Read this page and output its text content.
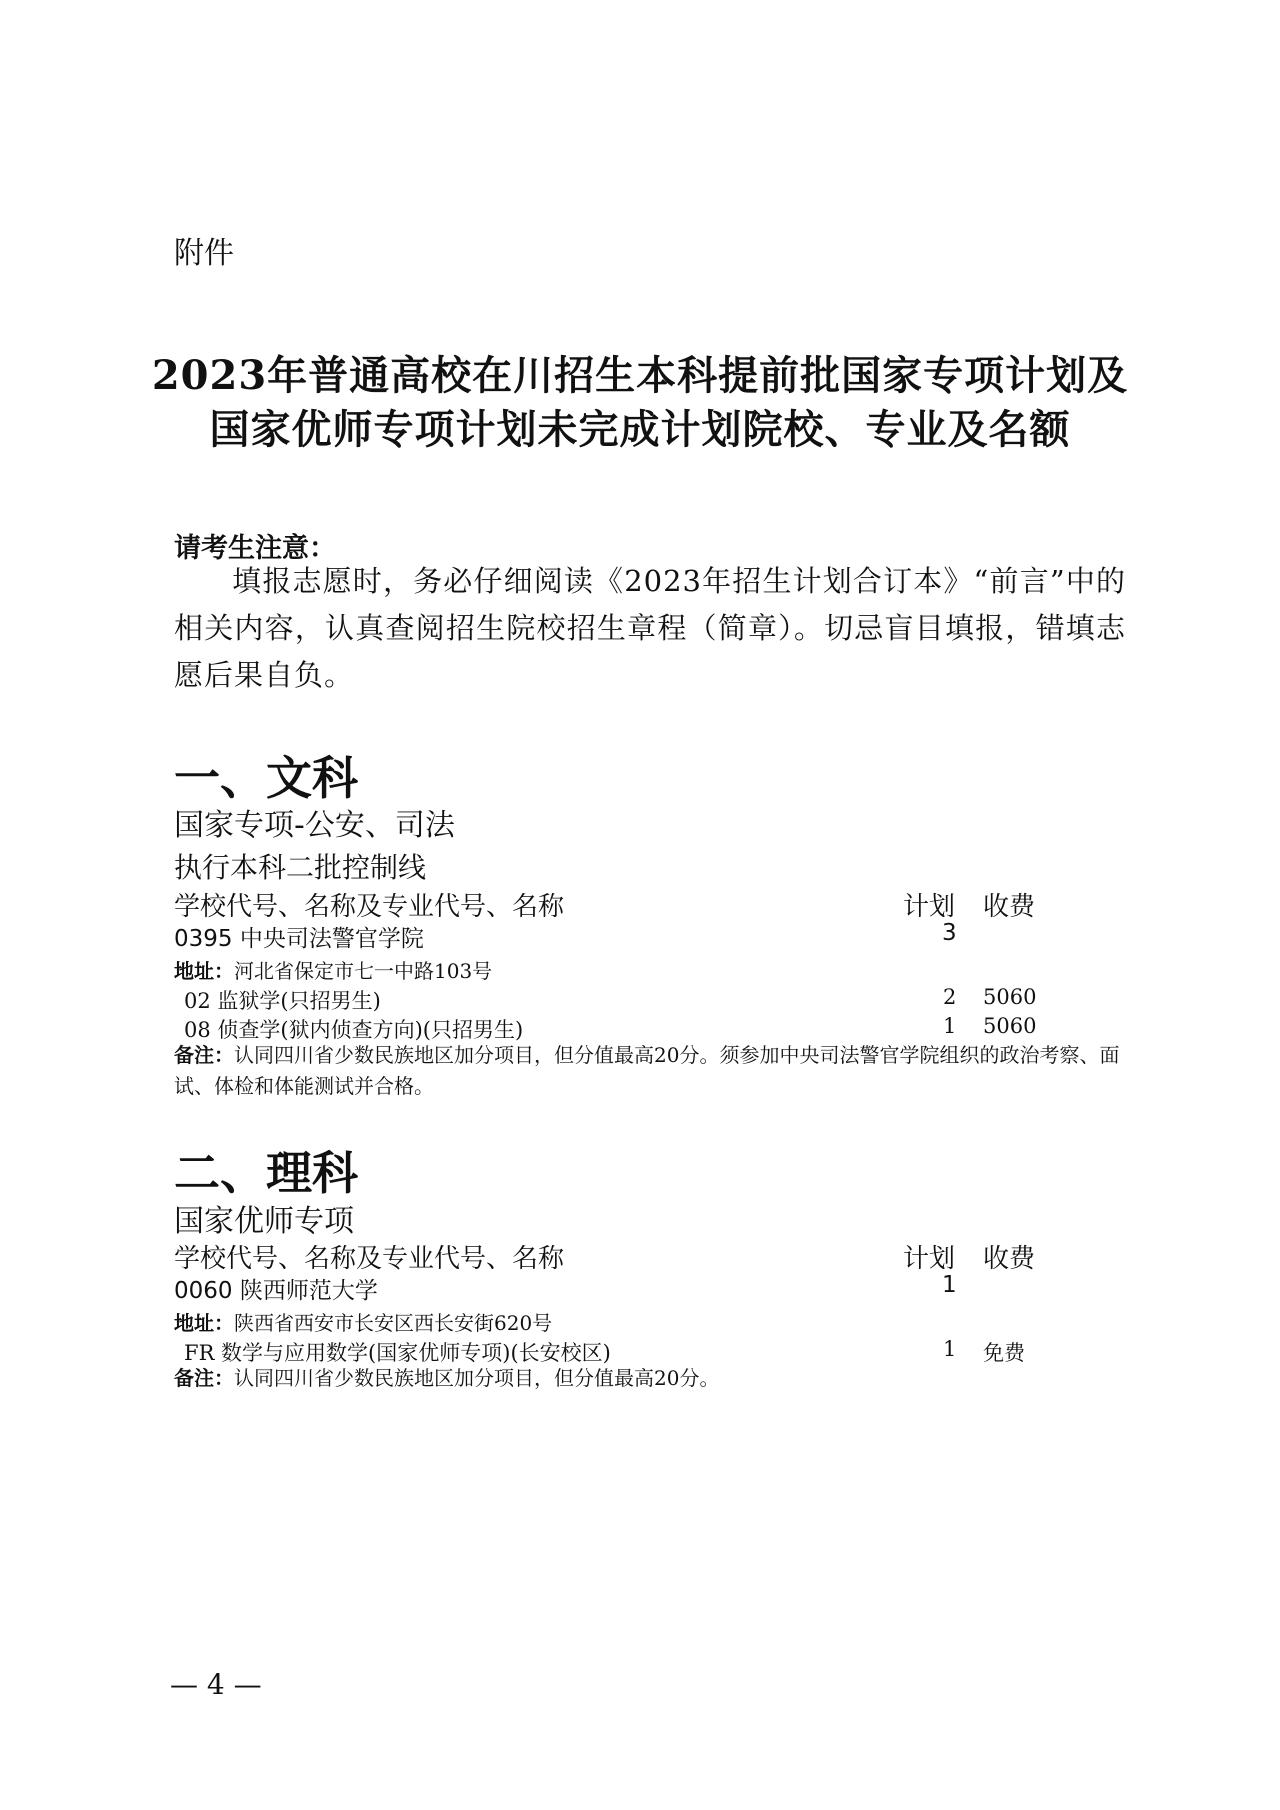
附件
2023年普通高校在川招生本科提前批国家专项计划及
国家优师专项计划未完成计划院校、专业及名额
请考生注意：
填报志愿时，务必仔细阅读《2023年招生计划合订本》“前言”中的相关内容，认真查阅招生院校招生章程（简章）。切忌盲目填报，错填志愿后果自负。
一、文科
国家专项-公安、司法
执行本科二批控制线
学校代号、名称及专业代号、名称	计划 收费
0395 中央司法警官学院	3
地址：河北省保定市七一中路103号
02 监狱学(只招男生)	2 5060
08 侦查学(狱内侦查方向)(只招男生)	1 5060
备注：认同四川省少数民族地区加分项目，但分值最高20分。须参加中央司法警官学院组织的政治考察、面试、体检和体能测试并合格。
二、理科
国家优师专项
学校代号、名称及专业代号、名称	计划 收费
0060 陕西师范大学	1
地址：陕西省西安市长安区西长安街620号
FR 数学与应用数学(国家优师专项)(长安校区)	1 免费
备注：认同四川省少数民族地区加分项目，但分值最高20分。
— 4 —
